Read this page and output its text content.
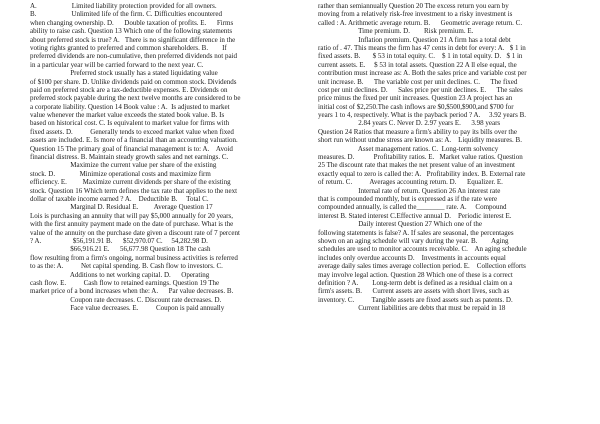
A.                    Limited liability protection provided for all owners.
B.                    Unlimited life of the firm. C. Difficulties encountered
when changing ownership. D.      Double taxation of profits. E.      Firms
ability to raise cash. Question 13 Which one of the following statements
about preferred stock is true? A.   There is no significant difference in the
voting rights granted to preferred and common shareholders. B.        If
preferred dividends are non-cumulative, then preferred dividends not paid
in a particular year will be carried forward to the next year. C.
Preferred stock usually has a stated liquidating value
of $100 per share. D. Unlike dividends paid on common stock. Dividends
paid on preferred stock are a tax-deductible expenses. E. Dividends on
preferred stock payable during the next twelve months are considered to be
a corporate liability. Question 14 Book value : A.  Is adjusted to market
value whenever the market value exceeds the stated book value. B. Is
based on historical cost. C. Is equivalent to market value for firms with
fixed assets. D.          Generally tends to exceed market value when fixed
assets are included. E. Is more of a financial than an accounting valuation.
Question 15 The primary goal of financial management is to: A.    Avoid
financial distress. B. Maintain steady growth sales and net earnings. C.
Maximize the current value per share of the existing
stock. D.              Minimize operational costs and maximize firm
efficiency. E.         Maximize current dividends per share of the existing
stock. Question 16 Which term defines the tax rate that applies to the next
dollar of taxable income earned ? A.    Deductible B.     Total C.
Marginal D. Residual E.         Average Question 17
Lois is purchasing an annuity that will pay $5,000 annually for 20 years,
with the first annuity payment made on the date of purchase. What is the
value of the annuity on the purchase date given a discount rate of 7 percent
? A.                  $56,191.91 B.      $52,970.07 C.     54,282.98 D.
$66,916.21 E.      56,677.98 Question 18 The cash
flow resulting from a firm's ongoing, normal business activities is referred
to as the: A.          Net capital spending. B. Cash flow to investors. C.
Additions to net working capital. D.      Operating
cash flow. E.          Cash flow to retained earnings. Question 19 The
market price of a bond increases when the: A.      Par value decreases. B.
Coupon rate decreases. C. Discount rate decreases. D.
Face value decreases. E.          Coupon is paid annually
rather than semiannually Question 20 The excess return you earn by
moving from a relatively risk-free investment to a risky investment is
called : A. Arithmetic average return. B.      Geometric average return. C.
Time premium. D.        Risk premium. E.
Inflation premium. Question 21 A firm has a total debt
ratio of . 47. This means the firm has 47 cents in debt for every: A.   $ 1 in
fixed assets. B.       $ 53 in total equity. C.    $ 1 in total equity. D.   $ 1 in
current assets. E.     $ 53 in total assets. Question 22 A ll else equal, the
contribution must increase as: A. Both the sales price and variable cost per
unit increase. B.      The variable cost per unit declines. C.      The fixed
cost per unit declines. D.      Sales price per unit declines. E.      The sales
price minus the fixed per unit increases. Question 23 A project has an
initial cost of $2,250.The cash inflows are $0,$500,$900,and $700 for
years 1 to 4, respectively. What is the payback period ? A.     3.92 years B.
2.84 years C. Never D. 2.97 years E.      3.98 years
Question 24 Ratios that measure a firm's ability to pay its bills over the
short run without undue stress are known as: A.    Liquidity measures. B.
Asset management ratios. C.  Long-term solvency
measures. D.           Profitability ratios. E.   Market value ratios. Question
25 The discount rate that makes the net present value of an investment
exactly equal to zero is called the: A.   Profitability index. B. External rate
of return. C.          Averages accounting return. D.      Equalizer. E.
Internal rate of return. Question 26 An interest rate
that is compounded monthly, but is expressed as if the rate were
compounded annually, is called the________ rate. A.     Compound
interest B. Stated interest C.Effective annual D.    Periodic interest E.
Daily interest Question 27 Which one of the
following statements is false? A. If sales are seasonal, the percentages
shown on an aging schedule will vary during the year. B.        Aging
schedules are used to monitor accounts receivable. C.    An aging schedule
includes only overdue accounts D.    Investments in accounts equal
average daily sales times average collection period. E.    Collection efforts
may involve legal action. Question 28 Which one of these is a correct
definition ? A.        Long-term debt is defined as a residual claim on a
firm's assets. B.      Current assets are assets with short lives, such as
inventory. C.          Tangible assets are fixed assets such as patents. D.
Current liabilities are debts that must be repaid in 18
